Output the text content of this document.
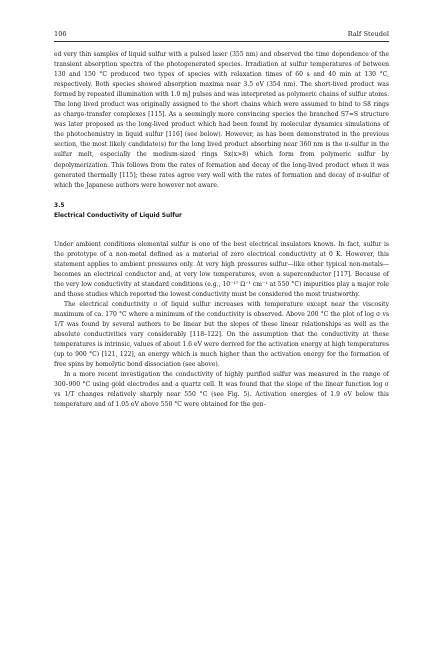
106	Ralf Steudel

ed very thin samples of liquid sulfur with a pulsed laser (355 nm) and observed the time dependence of the transient absorption spectra of the photogenerated species. Irradiation at sulfur temperatures of between 130 and 150 °C produced two types of species with relaxation times of 60 s and 40 min at 130 °C, respectively. Both species showed absorption maxima near 3.5 eV (354 nm). The short-lived product was formed by repeated illumination with 1.0 mJ pulses and was interpreted as polymeric chains of sulfur atoms. The long lived product was originally assigned to the short chains which were assumed to bind to S8 rings as charge-transfer complexes [115]. As a seemingly more convincing species the branched S7=S structure was later proposed as the long-lived product which had been found by molecular dynamics simulations of the photochemistry in liquid sulfur [116] (see below). However, as has been demonstrated in the previous section, the most likely candidate(s) for the long lived product absorbing near 360 nm is the π-sulfur in the sulfur melt, especially the medium-sized rings Sx(x>8) which form from polymeric sulfur by depolymerization. This follows from the rates of formation and decay of the long-lived product when it was generated thermally [115]; these rates agree very well with the rates of formation and decay of π-sulfur of which the Japanese authors were however not aware.

3.5
Electrical Conductivity of Liquid Sulfur

Under ambient conditions elemental sulfur is one of the best electrical insulators known. In fact, sulfur is the prototype of a non-metal defined as a material of zero electrical conductivity at 0 K. However, this statement applies to ambient pressures only. At very high pressures sulfur—like other typical non-metals—becomes an electrical conductor and, at very low temperatures, even a superconductor [117]. Because of the very low conductivity at standard conditions (e.g., 10⁻¹⁷ Ω⁻¹ cm⁻¹ at 550 °C) impurities play a major role and those studies which reported the lowest conductivity must be considered the most trustworthy.

The electrical conductivity σ of liquid sulfur increases with temperature except near the viscosity maximum of ca. 170 °C where a minimum of the conductivity is observed. Above 200 °C the plot of log σ vs 1/T was found by several authors to be linear but the slopes of these linear relationships as well as the absolute conductivities vary considerably [118–122]. On the assumption that the conductivity at these temperatures is intrinsic, values of about 1.6 eV were derived for the activation energy at high temperatures (up to 900 °C) [121, 122], an energy which is much higher than the activation energy for the formation of free spins by homolytic bond dissociation (see above).

In a more recent investigation the conductivity of highly purified sulfur was measured in the range of 300–900 °C using gold electrodes and a quartz cell. It was found that the slope of the linear function log σ vs 1/T changes relatively sharply near 550 °C (see Fig. 5). Activation energies of 1.9 eV below this temperature and of 1.05 eV above 550 °C were obtained for the gen-
